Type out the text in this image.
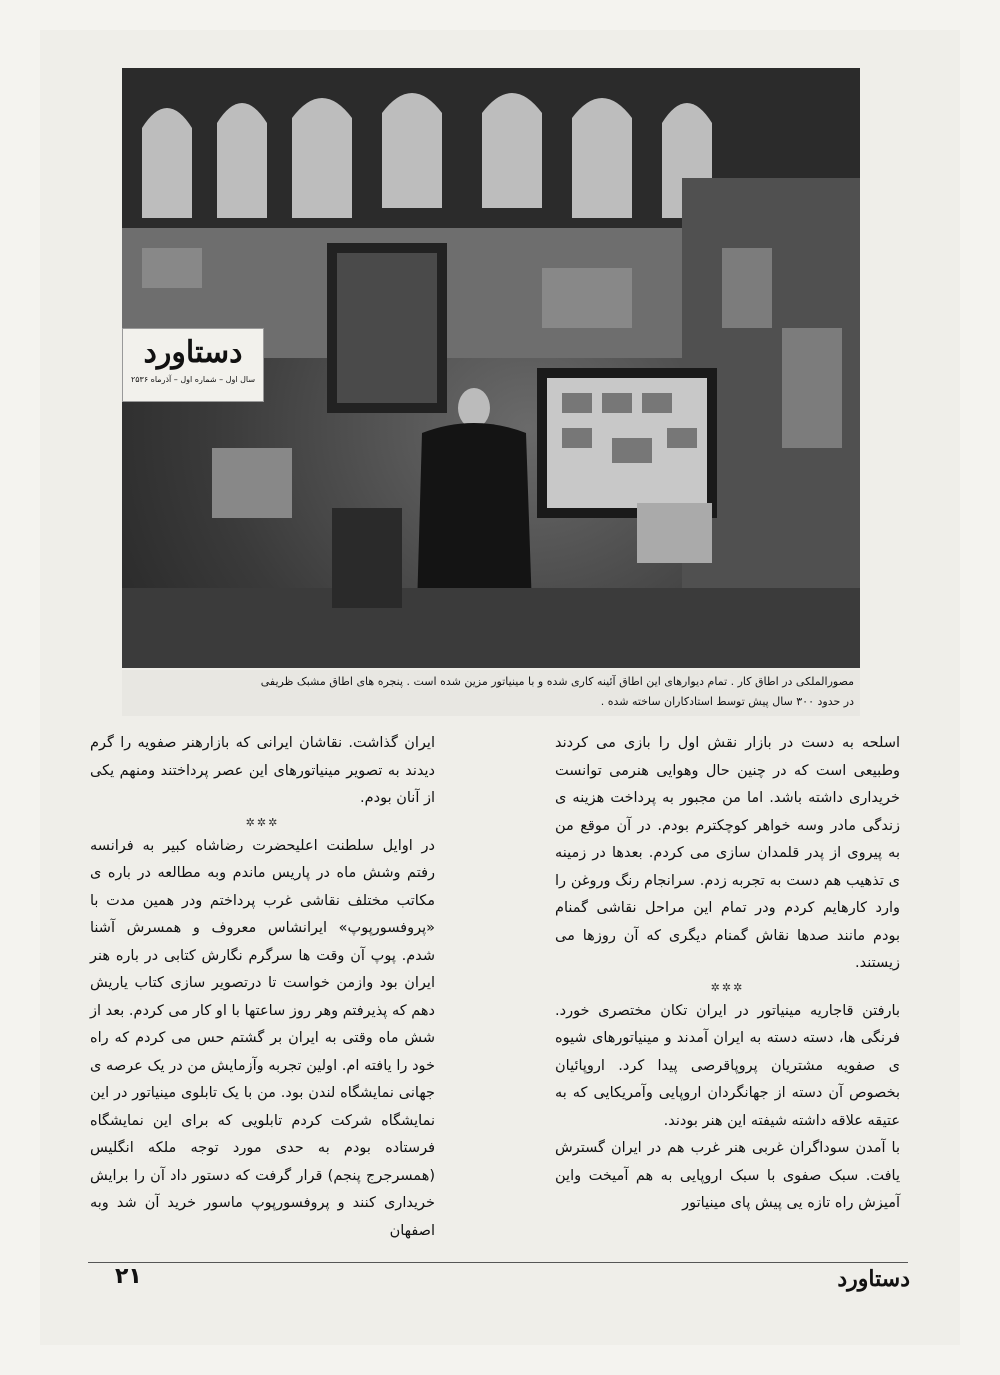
دستاورد
سال اول – شماره اول – آذرماه ۲۵۳۶
مصورالملکی در اطاق کار . تمام دیوارهای این اطاق آئینه کاری شده و با مینیاتور مزین شده است . پنجره های اطاق مشبک ظریفی
در حدود ۳۰۰ سال پیش توسط استادکاران ساخته شده .

اسلحه به دست در بازار نقش اول را بازی می کردند وطبیعی است که در چنین حال وهوایی هنرمی توانست خریداری داشته باشد. اما من مجبور به پرداخت هزینه ی زندگی مادر وسه خواهر کوچکترم بودم. در آن موقع من به پیروی از پدر قلمدان سازی می کردم. بعدها در زمینه ی تذهیب هم دست به تجربه زدم. سرانجام رنگ وروغن را وارد کارهایم کردم ودر تمام این مراحل نقاشی گمنام بودم مانند صدها نقاش گمنام دیگری که آن روزها می زیستند.

✲✲✲

بارفتن قاجاریه مینیاتور در ایران تکان مختصری خورد. فرنگی ها، دسته دسته به ایران آمدند و مینیاتورهای شیوه ی صفویه مشتریان پروپاقرصی پیدا کرد. اروپائیان بخصوص آن دسته از جهانگردان اروپایی وآمریکایی که به عتیقه علاقه داشته شیفته این هنر بودند.

با آمدن سوداگران غربی هنر غرب هم در ایران گسترش یافت. سبک صفوی با سبک اروپایی به هم آمیخت واین آمیزش راه تازه یی پیش پای مینیاتور

ایران گذاشت. نقاشان ایرانی که بازارهنر صفویه را گرم دیدند به تصویر مینیاتورهای این عصر پرداختند ومنهم یکی از آنان بودم.

✲✲✲

در اوایل سلطنت اعلیحضرت رضاشاه کبیر به فرانسه رفتم وشش ماه در پاریس ماندم وبه مطالعه در باره ی مکاتب مختلف نقاشی غرب پرداختم ودر همین مدت با «پروفسورپوپ» ایرانشاس معروف و همسرش آشنا شدم. پوپ آن وقت ها سرگرم نگارش کتابی در باره هنر ایران بود وازمن خواست تا درتصویر سازی کتاب یاریش دهم که پذیرفتم وهر روز ساعتها با او کار می کردم. بعد از شش ماه وقتی به ایران بر گشتم حس می کردم که راه خود را یافته ام. اولین تجربه وآزمایش من در یک عرصه ی جهانی نمایشگاه لندن بود. من با یک تابلوی مینیاتور در این نمایشگاه شرکت کردم تابلویی که برای این نمایشگاه فرستاده بودم به حدی مورد توجه ملکه انگلیس (همسرجرج پنجم) قرار گرفت که دستور داد آن را برایش خریداری کنند و پروفسورپوپ ماسور خرید آن شد وبه اصفهان

۲۱	دستاورد
